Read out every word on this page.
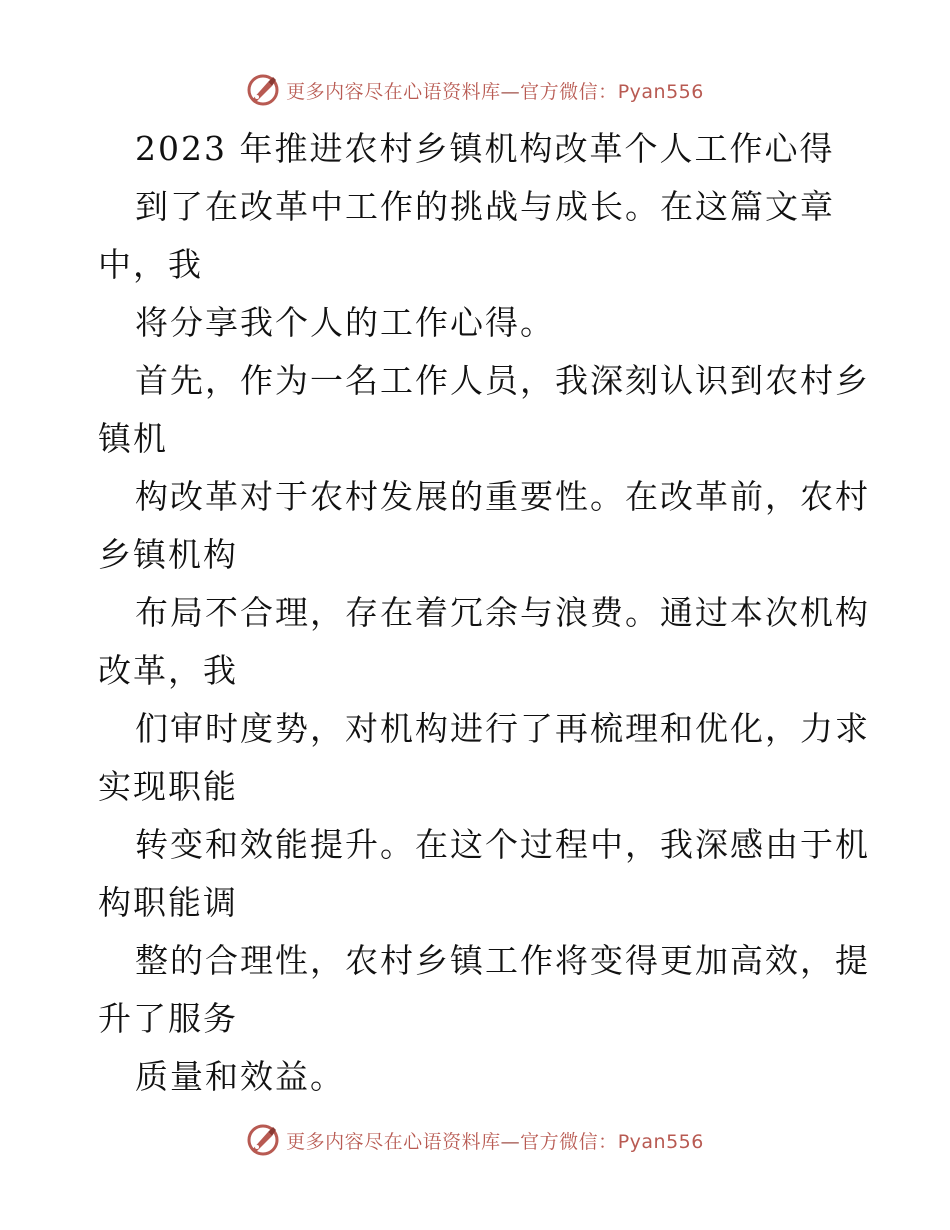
更多内容尽在心语资料库—官方微信：Pyan556
2023 年推进农村乡镇机构改革个人工作心得
到了在改革中工作的挑战与成长。在这篇文章
中，我
将分享我个人的工作心得。
首先，作为一名工作人员，我深刻认识到农村乡
镇机
构改革对于农村发展的重要性。在改革前，农村
乡镇机构
布局不合理，存在着冗余与浪费。通过本次机构
改革，我
们审时度势，对机构进行了再梳理和优化，力求
实现职能
转变和效能提升。在这个过程中，我深感由于机
构职能调
整的合理性，农村乡镇工作将变得更加高效，提
升了服务
质量和效益。
更多内容尽在心语资料库—官方微信：Pyan556
